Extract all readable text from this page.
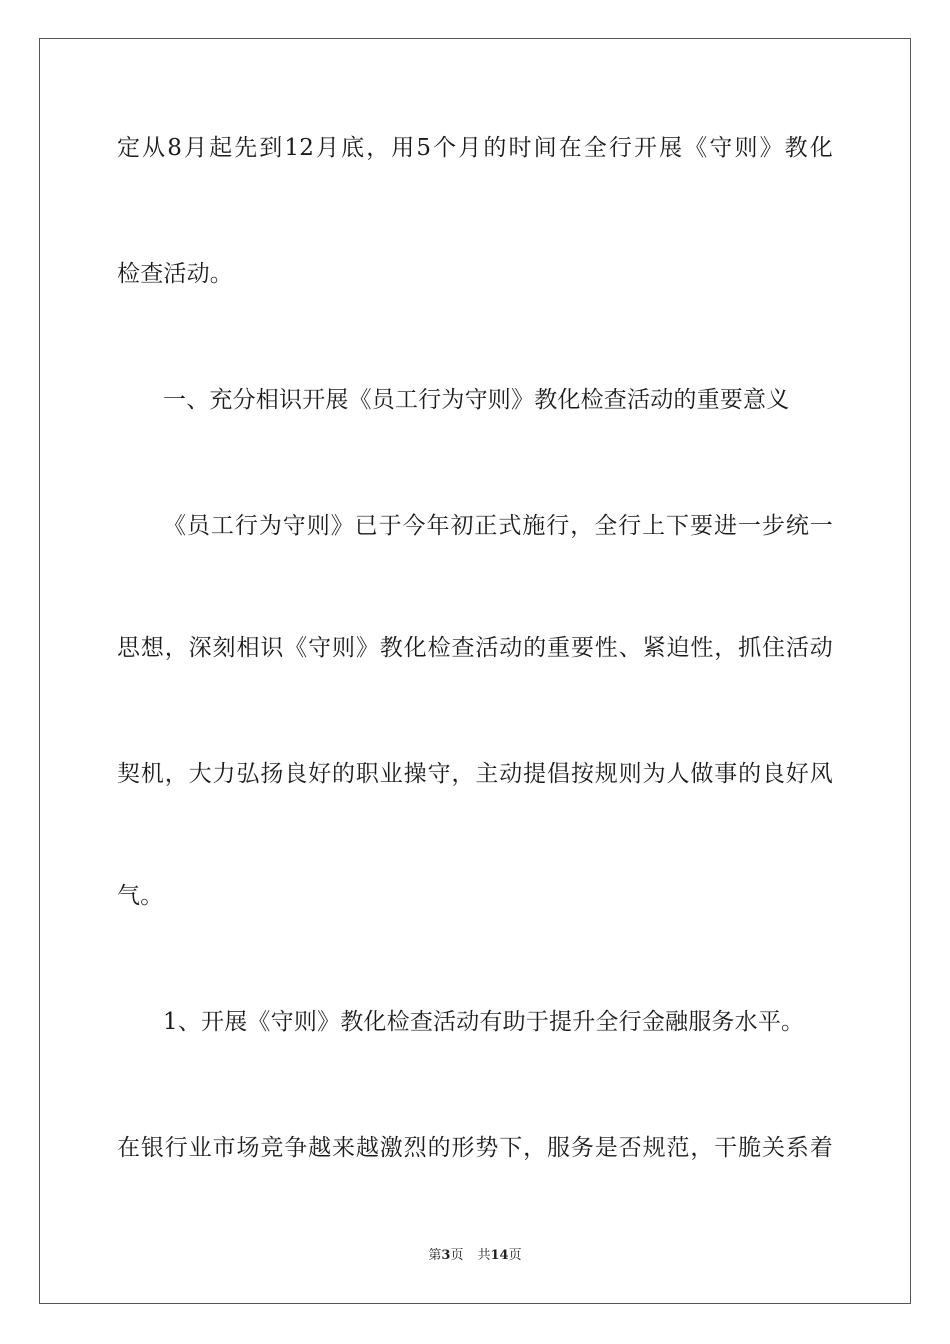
定从8月起先到12月底，用5个月的时间在全行开展《守则》教化
检查活动。
一、充分相识开展《员工行为守则》教化检查活动的重要意义
《员工行为守则》已于今年初正式施行，全行上下要进一步统一
思想，深刻相识《守则》教化检查活动的重要性、紧迫性，抓住活动
契机，大力弘扬良好的职业操守，主动提倡按规则为人做事的良好风
气。
1、开展《守则》教化检查活动有助于提升全行金融服务水平。
在银行业市场竞争越来越激烈的形势下，服务是否规范，干脆关系着
第3页 共14页
